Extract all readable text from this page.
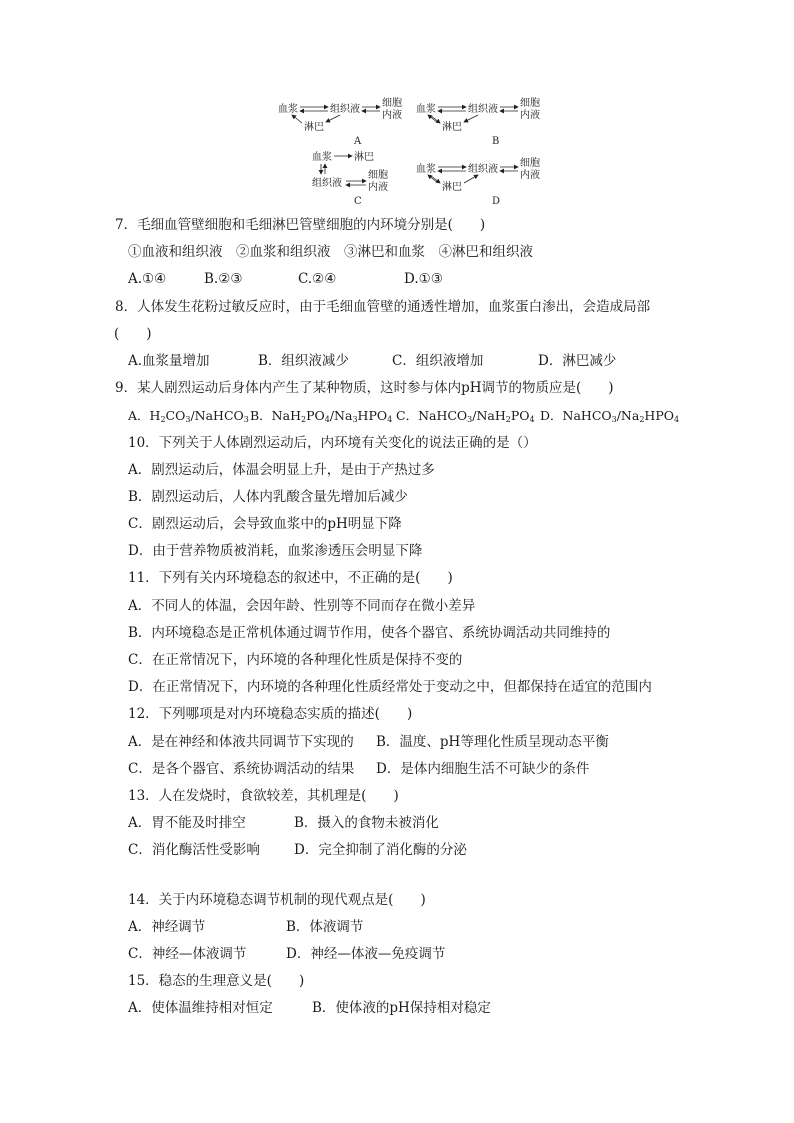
血浆	组织液
细胞
内液
淋巴
A
血浆	组织液
细胞
内液
淋巴
B
血浆 淋巴
组织液
细胞
内液
C
血浆	组织液
细胞
内液
淋巴
D
7．毛细血管壁细胞和毛细淋巴管壁细胞的内环境分别是(　　)
①血液和组织液　②血浆和组织液　③淋巴和血浆　④淋巴和组织液
A.①④	B.②③	C.②④	D.①③
8．人体发生花粉过敏反应时，由于毛细血管壁的通透性增加，血浆蛋白渗出，会造成局部
(　　)
A.血浆量增加	B．组织液减少	C．组织液增加	D．淋巴减少
9．某人剧烈运动后身体内产生了某种物质，这时参与体内pH调节的物质应是(　　)
A．$H_2CO_3/NaHCO_3B$．$NaH_2PO_4/Na_3HPO_4$ C．$NaHCO_3/NaH_2PO_4$ D．$NaHCO_3/Na_2HPO_4$
10．下列关于人体剧烈运动后，内环境有关变化的说法正确的是（）
A．剧烈运动后，体温会明显上升，是由于产热过多
B．剧烈运动后，人体内乳酸含量先增加后减少
C．剧烈运动后，会导致血浆中的pH明显下降
D．由于营养物质被消耗，血浆渗透压会明显下降
11．下列有关内环境稳态的叙述中，不正确的是(　　)
A．不同人的体温，会因年龄、性别等不同而存在微小差异
B．内环境稳态是正常机体通过调节作用，使各个器官、系统协调活动共同维持的
C．在正常情况下，内环境的各种理化性质是保持不变的
D．在正常情况下，内环境的各种理化性质经常处于变动之中，但都保持在适宜的范围内
12．下列哪项是对内环境稳态实质的描述(　　)
A．是在神经和体液共同调节下实现的 B．温度、pH等理化性质呈现动态平衡
C．是各个器官、系统协调活动的结果 D．是体内细胞生活不可缺少的条件
13．人在发烧时，食欲较差，其机理是(　　)
A．胃不能及时排空	B．摄入的食物未被消化
C．消化酶活性受影响	D．完全抑制了消化酶的分泌
14．关于内环境稳态调节机制的现代观点是(　　)
A．神经调节	B．体液调节
C．神经—体液调节	D．神经—体液—免疫调节
15．稳态的生理意义是(　　)
A．使体温维持相对恒定	B．使体液的pH保持相对稳定
